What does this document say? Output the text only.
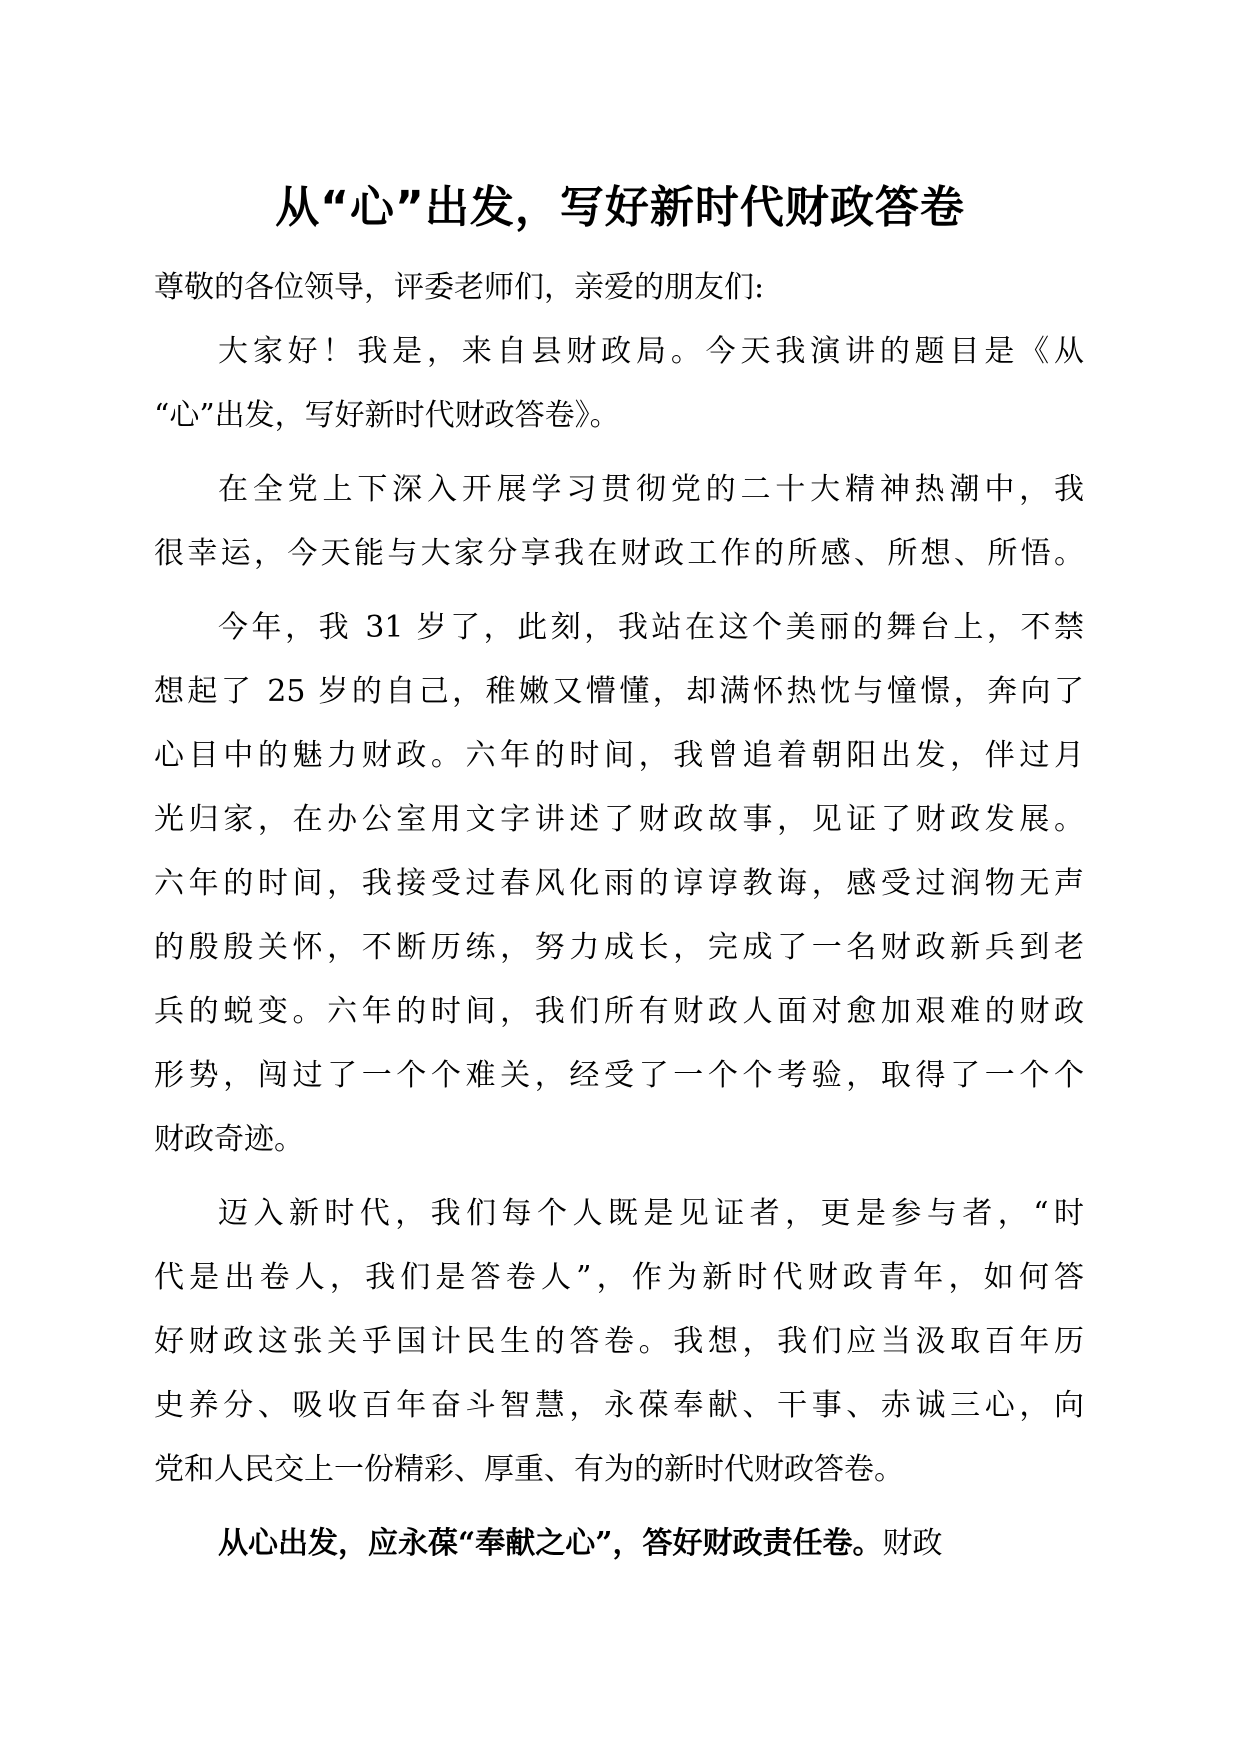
从“心”出发，写好新时代财政答卷
尊敬的各位领导，评委老师们，亲爱的朋友们:
大家好！我是，来自县财政局。今天我演讲的题目是《从
“心”出发，写好新时代财政答卷》。
在全党上下深入开展学习贯彻党的二十大精神热潮中，我
很幸运，今天能与大家分享我在财政工作的所感、所想、所悟。
今年，我 31 岁了，此刻，我站在这个美丽的舞台上，不禁
想起了 25 岁的自己，稚嫩又懵懂，却满怀热忱与憧憬，奔向了
心目中的魅力财政。六年的时间，我曾追着朝阳出发，伴过月
光归家，在办公室用文字讲述了财政故事，见证了财政发展。
六年的时间，我接受过春风化雨的谆谆教诲，感受过润物无声
的殷殷关怀，不断历练，努力成长，完成了一名财政新兵到老
兵的蜕变。六年的时间，我们所有财政人面对愈加艰难的财政
形势，闯过了一个个难关，经受了一个个考验，取得了一个个
财政奇迹。
迈入新时代，我们每个人既是见证者，更是参与者，“时
代是出卷人，我们是答卷人”，作为新时代财政青年，如何答
好财政这张关乎国计民生的答卷。我想，我们应当汲取百年历
史养分、吸收百年奋斗智慧，永葆奉献、干事、赤诚三心，向
党和人民交上一份精彩、厚重、有为的新时代财政答卷。
从心出发，应永葆“奉献之心”，答好财政责任卷。财政
